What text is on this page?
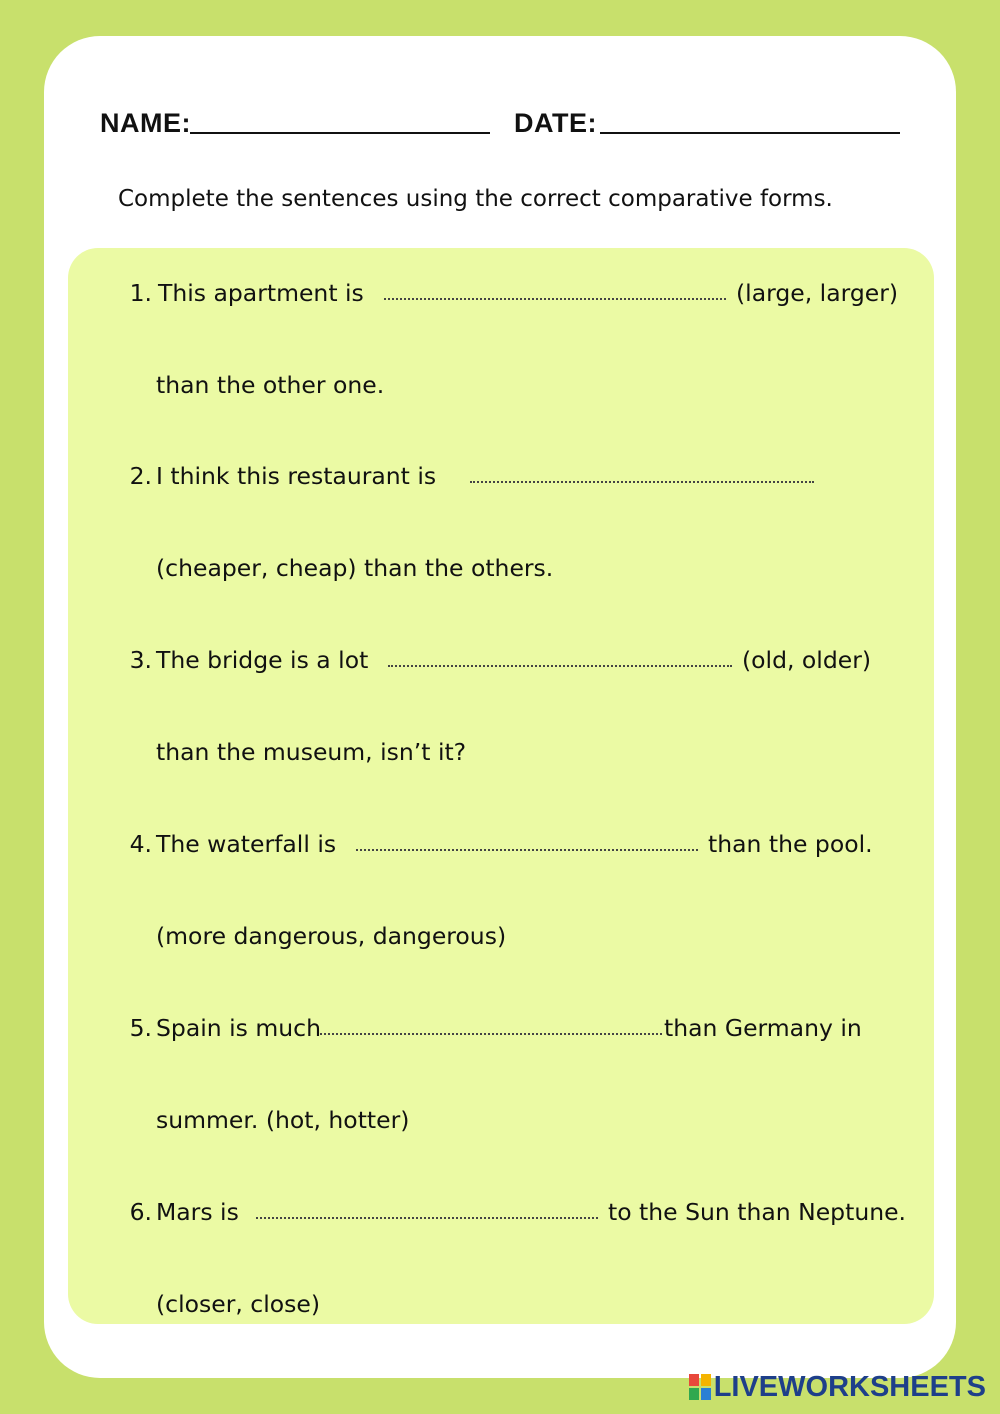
NAME:	DATE:
Complete the sentences using the correct comparative forms.
1. This apartment is	(large, larger)
than the other one.
2. I think this restaurant is
(cheaper, cheap) than the others.
3. The bridge is a lot	(old, older)
than the museum, isn’t it?
4. The waterfall is	than the pool.
(more dangerous, dangerous)
5. Spain is much	than Germany in
summer. (hot, hotter)
6. Mars is	to the Sun than Neptune.
(closer, close)
LIVEWORKSHEETS
